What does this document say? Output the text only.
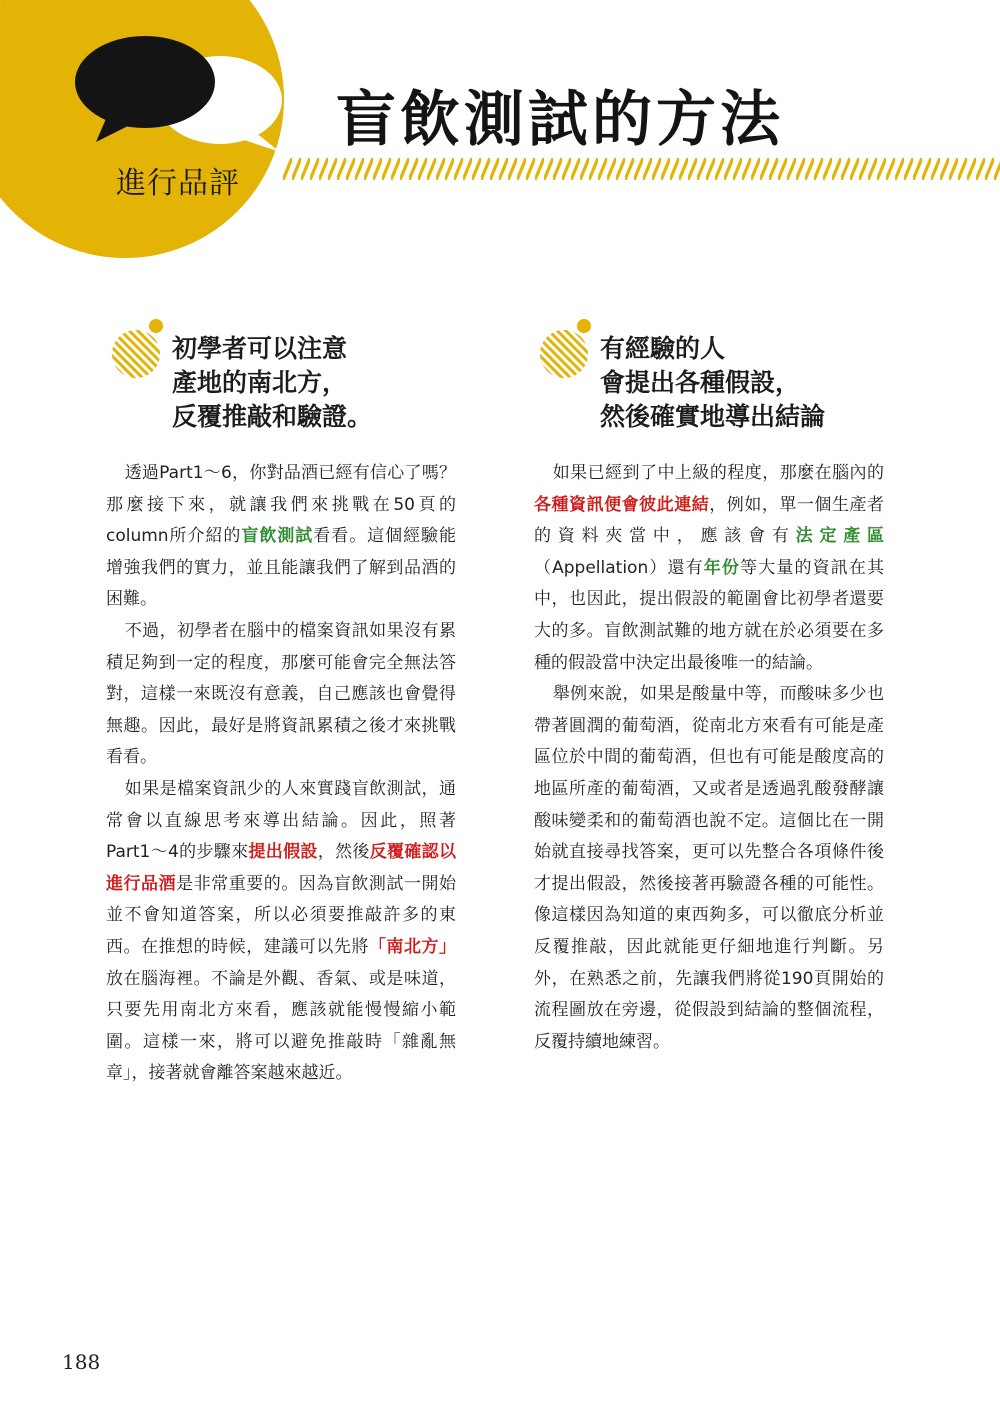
進行品評
盲飲測試的方法
初學者可以注意
產地的南北方，
反覆推敲和驗證。

透過Part1～6，你對品酒已經有信心了嗎？那麼接下來，就讓我們來挑戰在50頁的column所介紹的盲飲測試看看。這個經驗能增強我們的實力，並且能讓我們了解到品酒的困難。

不過，初學者在腦中的檔案資訊如果沒有累積足夠到一定的程度，那麼可能會完全無法答對，這樣一來既沒有意義，自己應該也會覺得無趣。因此，最好是將資訊累積之後才來挑戰看看。

如果是檔案資訊少的人來實踐盲飲測試，通常會以直線思考來導出結論。因此，照著Part1～4的步驟來提出假設，然後反覆確認以進行品酒是非常重要的。因為盲飲測試一開始並不會知道答案，所以必須要推敲許多的東西。在推想的時候，建議可以先將「南北方」放在腦海裡。不論是外觀、香氣、或是味道，只要先用南北方來看，應該就能慢慢縮小範圍。這樣一來，將可以避免推敲時「雜亂無章」，接著就會離答案越來越近。

有經驗的人
會提出各種假設，
然後確實地導出結論

如果已經到了中上級的程度，那麼在腦內的各種資訊便會彼此連結，例如，單一個生產者的資料夾當中，應該會有法定產區（Appellation）還有年份等大量的資訊在其中，也因此，提出假設的範圍會比初學者還要大的多。盲飲測試難的地方就在於必須要在多種的假設當中決定出最後唯一的結論。

舉例來說，如果是酸量中等，而酸味多少也帶著圓潤的葡萄酒，從南北方來看有可能是產區位於中間的葡萄酒，但也有可能是酸度高的地區所產的葡萄酒，又或者是透過乳酸發酵讓酸味變柔和的葡萄酒也說不定。這個比在一開始就直接尋找答案，更可以先整合各項條件後才提出假設，然後接著再驗證各種的可能性。像這樣因為知道的東西夠多，可以徹底分析並反覆推敲，因此就能更仔細地進行判斷。另外，在熟悉之前，先讓我們將從190頁開始的流程圖放在旁邊，從假設到結論的整個流程，反覆持續地練習。

188
